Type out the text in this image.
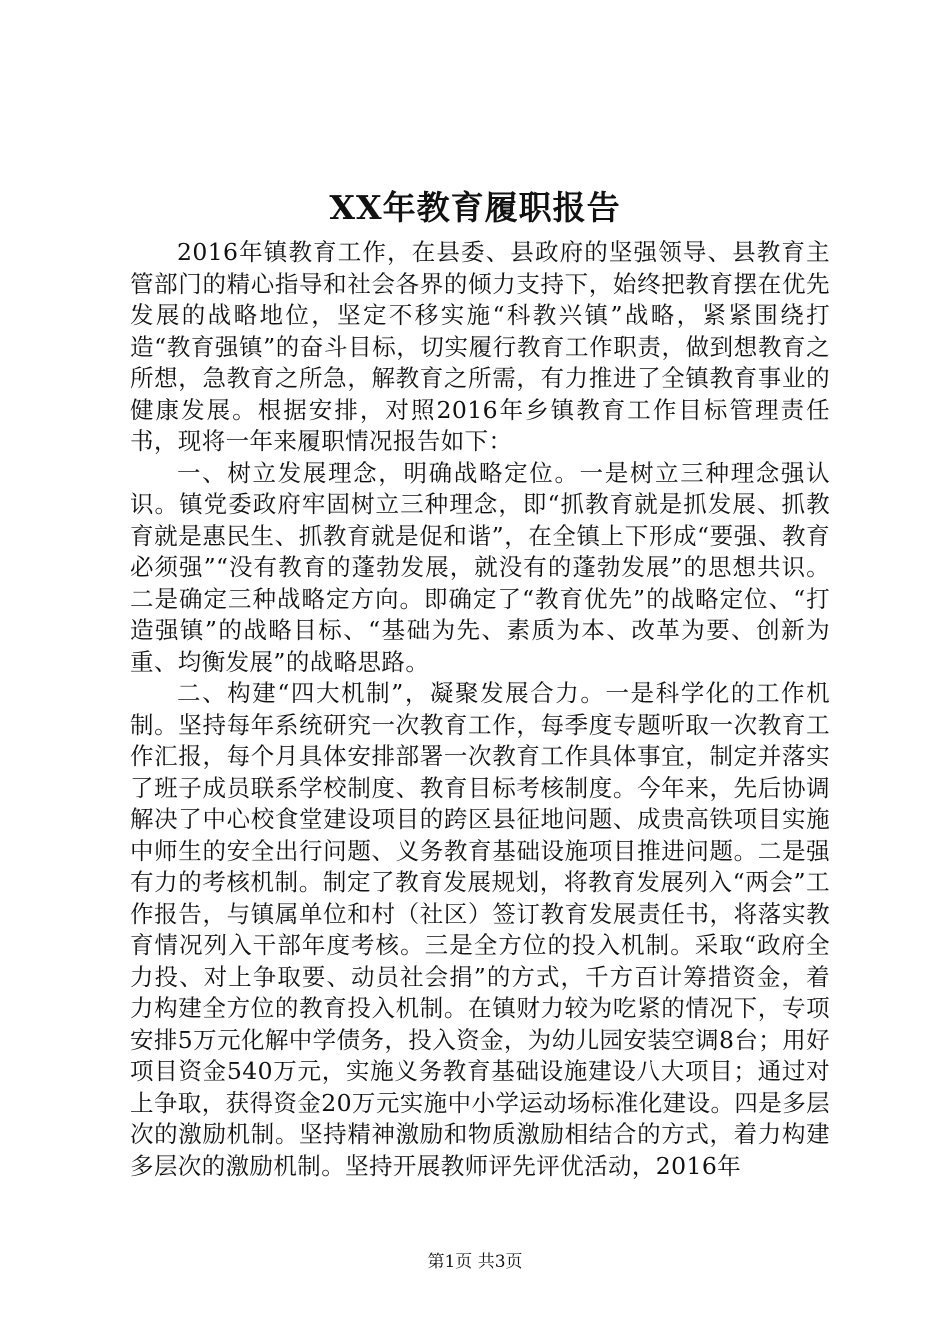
XX年教育履职报告

2016年镇教育工作，在县委、县政府的坚强领导、县教育主管部门的精心指导和社会各界的倾力支持下，始终把教育摆在优先发展的战略地位，坚定不移实施“科教兴镇”战略，紧紧围绕打造“教育强镇”的奋斗目标，切实履行教育工作职责，做到想教育之所想，急教育之所急，解教育之所需，有力推进了全镇教育事业的健康发展。根据安排，对照2016年乡镇教育工作目标管理责任书，现将一年来履职情况报告如下：

一、树立发展理念，明确战略定位。一是树立三种理念强认识。镇党委政府牢固树立三种理念，即“抓教育就是抓发展、抓教育就是惠民生、抓教育就是促和谐”，在全镇上下形成“要强、教育必须强”“没有教育的蓬勃发展，就没有的蓬勃发展”的思想共识。二是确定三种战略定方向。即确定了“教育优先”的战略定位、“打造强镇”的战略目标、“基础为先、素质为本、改革为要、创新为重、均衡发展”的战略思路。

二、构建“四大机制”，凝聚发展合力。一是科学化的工作机制。坚持每年系统研究一次教育工作，每季度专题听取一次教育工作汇报，每个月具体安排部署一次教育工作具体事宜，制定并落实了班子成员联系学校制度、教育目标考核制度。今年来，先后协调解决了中心校食堂建设项目的跨区县征地问题、成贵高铁项目实施中师生的安全出行问题、义务教育基础设施项目推进问题。二是强有力的考核机制。制定了教育发展规划，将教育发展列入“两会”工作报告，与镇属单位和村（社区）签订教育发展责任书，将落实教育情况列入干部年度考核。三是全方位的投入机制。采取“政府全力投、对上争取要、动员社会捐”的方式，千方百计筹措资金，着力构建全方位的教育投入机制。在镇财力较为吃紧的情况下，专项安排5万元化解中学债务，投入资金，为幼儿园安装空调8台；用好项目资金540万元，实施义务教育基础设施建设八大项目；通过对上争取，获得资金20万元实施中小学运动场标准化建设。四是多层次的激励机制。坚持精神激励和物质激励相结合的方式，着力构建多层次的激励机制。坚持开展教师评先评优活动，2016年

第1页 共3页
